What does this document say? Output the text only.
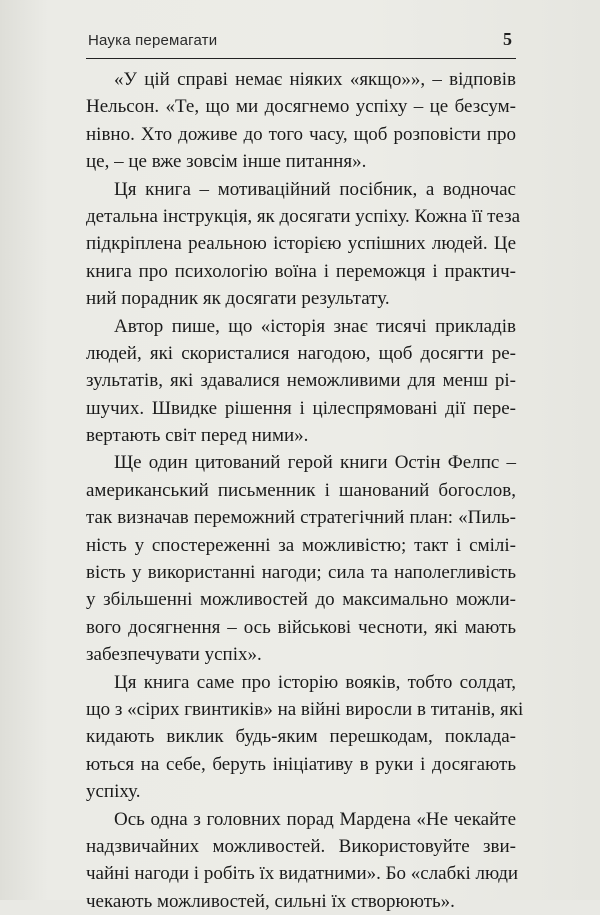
Наука перемагати	5
«У цій справі немає ніяких «якщо»», – відповів
Нельсон. «Те, що ми досягнемо успіху – це безсум-
нівно. Хто доживе до того часу, щоб розповісти про
це, – це вже зовсім інше питання».
Ця книга – мотиваційний посібник, а водночас
детальна інструкція, як досягати успіху. Кожна її теза
підкріплена реальною історією успішних людей. Це
книга про психологію воїна і переможця і практич-
ний порадник як досягати результату.
Автор пише, що «історія знає тисячі прикладів
людей, які скористалися нагодою, щоб досягти ре-
зультатів, які здавалися неможливими для менш рі-
шучих. Швидке рішення і цілеспрямовані дії пере-
вертають світ перед ними».
Ще один цитований герой книги Остін Фелпс –
американський письменник і шанований богослов,
так визначав переможний стратегічний план: «Пиль-
ність у спостереженні за можливістю; такт і смілі-
вість у використанні нагоди; сила та наполегливість
у збільшенні можливостей до максимально можли-
вого досягнення – ось військові чесноти, які мають
забезпечувати успіх».
Ця книга саме про історію вояків, тобто солдат,
що з «сірих гвинтиків» на війні виросли в титанів, які
кидають виклик будь-яким перешкодам, поклада-
ються на себе, беруть ініціативу в руки і досягають
успіху.
Ось одна з головних порад Мардена «Не чекайте
надзвичайних можливостей. Використовуйте зви-
чайні нагоди і робіть їх видатними». Бо «слабкі люди
чекають можливостей, сильні їх створюють».
